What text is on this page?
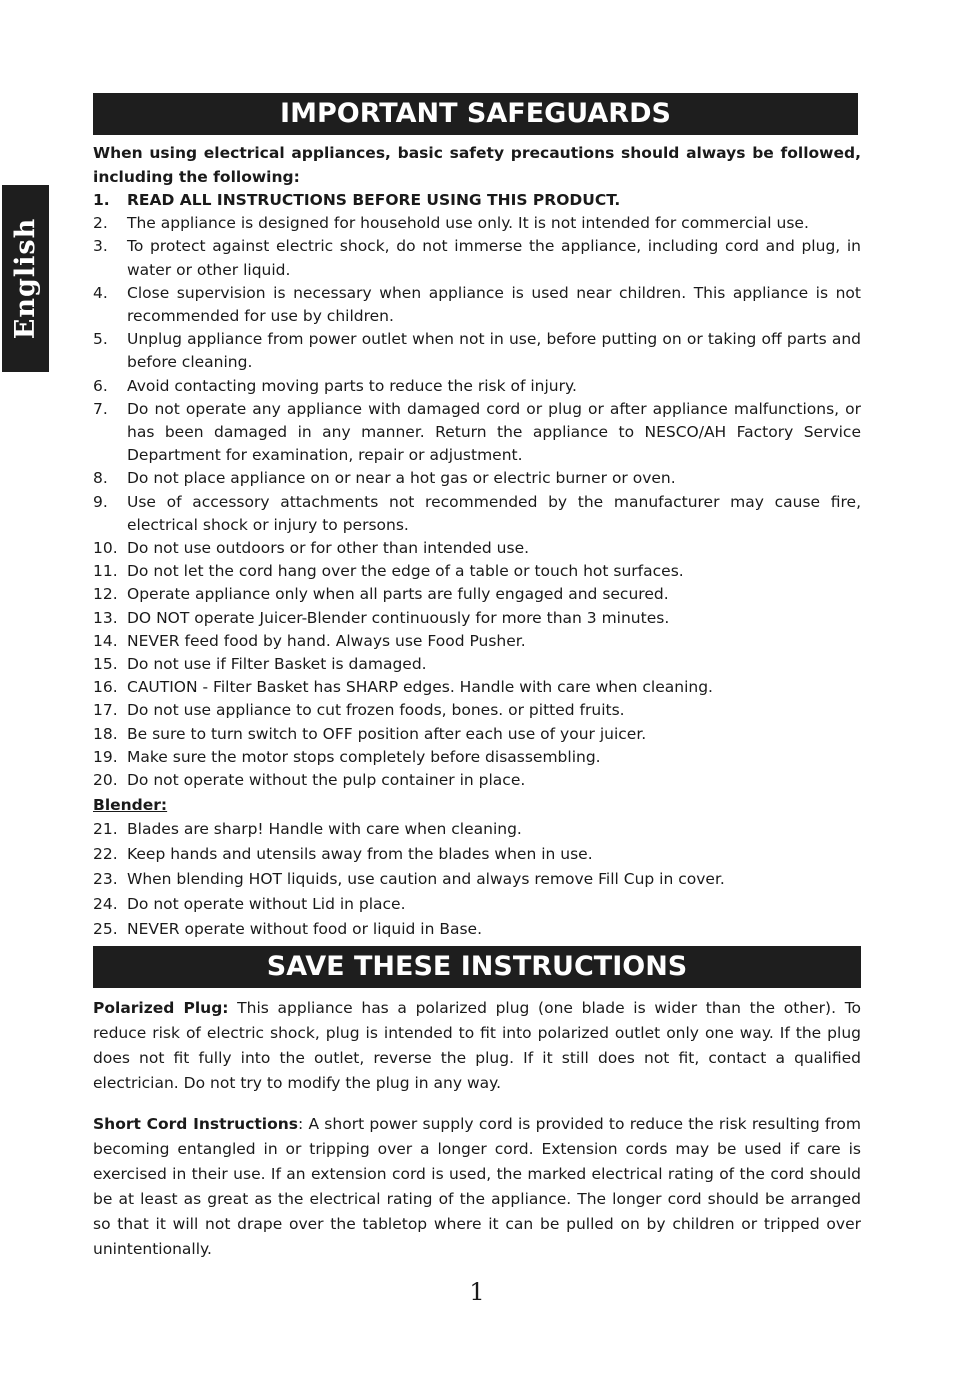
English
IMPORTANT SAFEGUARDS
When using electrical appliances, basic safety precautions should always be followed, including the following:
1.	READ ALL INSTRUCTIONS BEFORE USING THIS PRODUCT.
2.	The appliance is designed for household use only. It is not intended for commercial use.
3.	To protect against electric shock, do not immerse the appliance, including cord and plug, in water or other liquid.
4.	Close supervision is necessary when appliance is used near children. This appliance is not recommended for use by children.
5.	Unplug appliance from power outlet when not in use, before putting on or taking off parts and before cleaning.
6.	Avoid contacting moving parts to reduce the risk of injury.
7.	Do not operate any appliance with damaged cord or plug or after appliance malfunctions, or has been damaged in any manner. Return the appliance to NESCO/AH Factory Service Department for examination, repair or adjustment.
8.	Do not place appliance on or near a hot gas or electric burner or oven.
9.	Use of accessory attachments not recommended by the manufacturer may cause fire, electrical shock or injury to persons.
10. Do not use outdoors or for other than intended use.
11. Do not let the cord hang over the edge of a table or touch hot surfaces.
12. Operate appliance only when all parts are fully engaged and secured.
13. DO NOT operate Juicer-Blender continuously for more than 3 minutes.
14. NEVER feed food by hand. Always use Food Pusher.
15. Do not use if Filter Basket is damaged.
16. CAUTION - Filter Basket has SHARP edges. Handle with care when cleaning.
17. Do not use appliance to cut frozen foods, bones. or pitted fruits.
18. Be sure to turn switch to OFF position after each use of your juicer.
19. Make sure the motor stops completely before disassembling.
20. Do not operate without the pulp container in place.
Blender:
21. Blades are sharp! Handle with care when cleaning.
22. Keep hands and utensils away from the blades when in use.
23. When blending HOT liquids, use caution and always remove Fill Cup in cover.
24. Do not operate without Lid in place.
25. NEVER operate without food or liquid in Base.
SAVE THESE INSTRUCTIONS

Polarized Plug: This appliance has a polarized plug (one blade is wider than the other). To reduce risk of electric shock, plug is intended to fit into polarized outlet only one way. If the plug does not fit fully into the outlet, reverse the plug. If it still does not fit, contact a qualified electrician. Do not try to modify the plug in any way.

Short Cord Instructions: A short power supply cord is provided to reduce the risk resulting from becoming entangled in or tripping over a longer cord. Extension cords may be used if care is exercised in their use. If an extension cord is used, the marked electrical rating of the cord should be at least as great as the electrical rating of the appliance. The longer cord should be arranged so that it will not drape over the tabletop where it can be pulled on by children or tripped over unintentionally.

1
